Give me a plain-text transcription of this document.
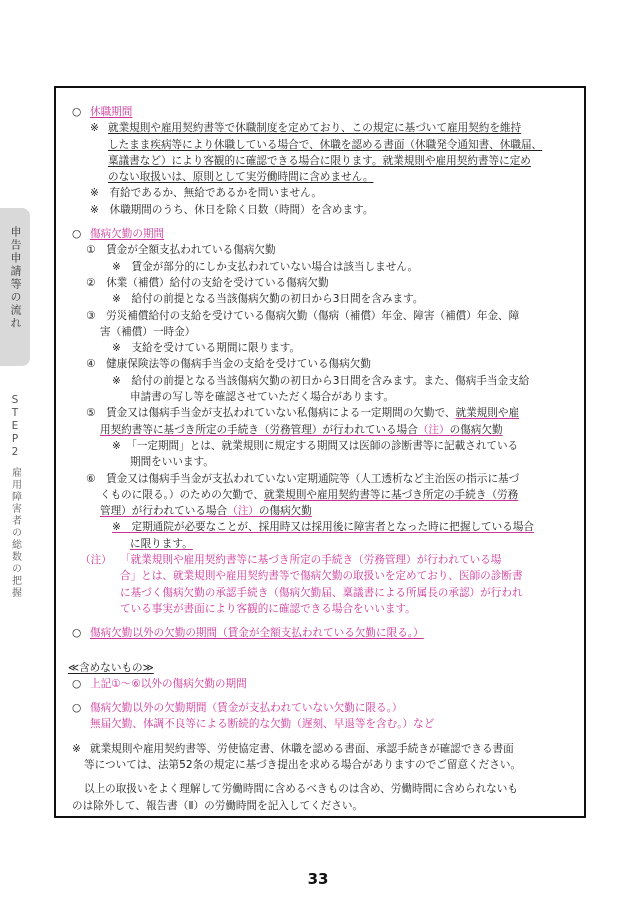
申告申請等の流れ
STEP2
雇用障害者の総数の把握
○ 休職期間
※ 就業規則や雇用契約書等で休職制度を定めており、この規定に基づいて雇用契約を維持
したまま疾病等により休職している場合で、休職を認める書面（休職発令通知書、休職届、
稟議書など）により客観的に確認できる場合に限ります。就業規則や雇用契約書等に定め
のない取扱いは、原則として実労働時間に含めません。
※　有給であるか、無給であるかを問いません。
※　休職期間のうち、休日を除く日数（時間）を含めます。
○ 傷病欠勤の期間
①　賃金が全額支払われている傷病欠勤
※　賃金が部分的にしか支払われていない場合は該当しません。
②　休業（補償）給付の支給を受けている傷病欠勤
※　給付の前提となる当該傷病欠勤の初日から3日間を含みます。
③　労災補償給付の支給を受けている傷病欠勤（傷病（補償）年金、障害（補償）年金、障
害（補償）一時金）
※　支給を受けている期間に限ります。
④　健康保険法等の傷病手当金の支給を受けている傷病欠勤
※　給付の前提となる当該傷病欠勤の初日から3日間を含みます。また、傷病手当金支給
申請書の写し等を確認させていただく場合があります。
⑤　賃金又は傷病手当金が支払われていない私傷病による一定期間の欠勤で、就業規則や雇
用契約書等に基づき所定の手続き（労務管理）が行われている場合（注）の傷病欠勤
※　「一定期間」とは、就業規則に規定する期間又は医師の診断書等に記載されている
期間をいいます。
⑥　賃金又は傷病手当金が支払われていない定期通院等（人工透析など主治医の指示に基づ
くものに限る。）のための欠勤で、就業規則や雇用契約書等に基づき所定の手続き（労務
管理）が行われている場合（注）の傷病欠勤
※　定期通院が必要なことが、採用時又は採用後に障害者となった時に把握している場合
に限ります。
（注） 「就業規則や雇用契約書等に基づき所定の手続き（労務管理）が行われている場
合」とは、就業規則や雇用契約書等で傷病欠勤の取扱いを定めており、医師の診断書
に基づく傷病欠勤の承認手続き（傷病欠勤届、稟議書による所属長の承認）が行われ
ている事実が書面により客観的に確認できる場合をいいます。
○ 傷病欠勤以外の欠勤の期間（賃金が全額支払われている欠勤に限る。）
≪含めないもの≫
○ 上記①～⑥以外の傷病欠勤の期間
○ 傷病欠勤以外の欠勤期間（賃金が支払われていない欠勤に限る。）
無届欠勤、体調不良等による断続的な欠勤（遅刻、早退等を含む。）など
※ 就業規則や雇用契約書等、労使協定書、休職を認める書面、承認手続きが確認できる書面
等については、法第52条の規定に基づき提出を求める場合がありますのでご留意ください。
以上の取扱いをよく理解して労働時間に含めるべきものは含め、労働時間に含められないも
のは除外して、報告書（Ⅱ）の労働時間を記入してください。
33
